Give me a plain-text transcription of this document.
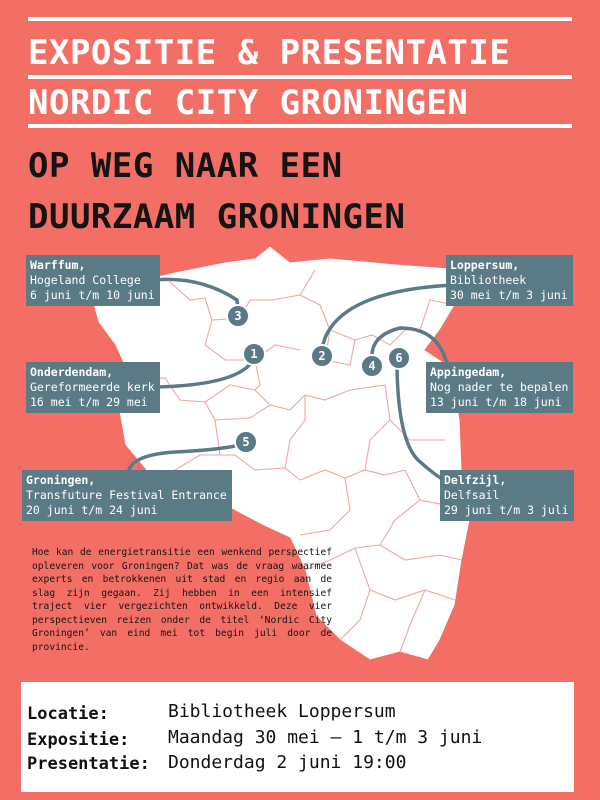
EXPOSITIE & PRESENTATIE
NORDIC CITY GRONINGEN
OP WEG NAAR EEN
DUURZAAM GRONINGEN
3
2
1
4
5
6
Warffum,
Hogeland College
6 juni t/m 10 juni
Loppersum,
Bibliotheek
30 mei t/m 3 juni
Onderdendam,
Gereformeerde kerk
16 mei t/m 29 mei
Appingedam,
Nog nader te bepalen
13 juni t/m 18 juni
Groningen,
Transfuture Festival Entrance
20 juni t/m 24 juni
Delfzijl,
Delfsail
29 juni t/m 3 juli
Hoe kan de energietransitie een wenkend perspectief opleveren voor Groningen? Dat was de vraag waarmee experts en betrokkenen uit stad en regio aan de slag zijn gegaan. Zij hebben in een intensief traject vier vergezichten ontwikkeld. Deze vier perspectieven reizen onder de titel ‘Nordic City Groningen’ van eind mei tot begin juli door de provincie.
Locatie:	Bibliotheek Loppersum
Expositie: Maandag 30 mei – 1 t/m 3 juni
Presentatie: Donderdag 2 juni 19:00
